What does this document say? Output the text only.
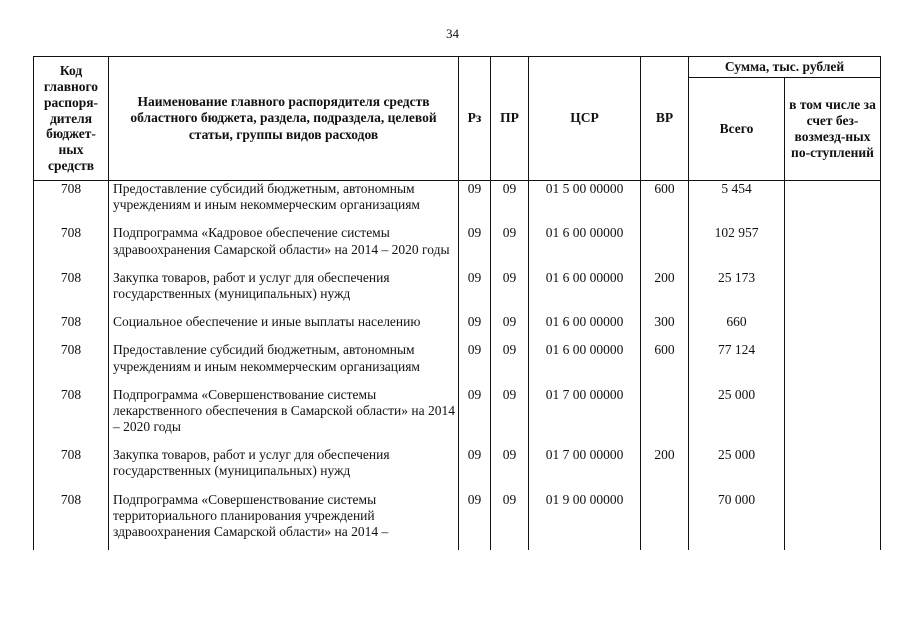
34
Код главного распоря-дителя бюджет-ных средств	Наименование главного распорядителя средств областного бюджета, раздела, подраздела, целевой статьи, группы видов расходов	Рз	ПР	ЦСР	ВР	Сумма, тыс. рублей	
						Всего	в том числе за счет без-возмезд-ных по-ступлений
708	Предоставление субсидий бюджетным, автономным учреждениям и иным некоммерческим организациям	09	09	01 5 00 00000	600	5 454	
708	Подпрограмма «Кадровое обеспечение системы здравоохранения Самарской области» на 2014 – 2020 годы	09	09	01 6 00 00000		102 957	
708	Закупка товаров, работ и услуг для обеспечения государственных (муниципальных) нужд	09	09	01 6 00 00000	200	25 173	
708	Социальное обеспечение и иные выплаты населению	09	09	01 6 00 00000	300	660	
708	Предоставление субсидий бюджетным, автономным учреждениям и иным некоммерческим организациям	09	09	01 6 00 00000	600	77 124	
708	Подпрограмма «Совершенствование системы лекарственного обеспечения в Самарской области» на 2014 – 2020 годы	09	09	01 7 00 00000		25 000	
708	Закупка товаров, работ и услуг для обеспечения государственных (муниципальных) нужд	09	09	01 7 00 00000	200	25 000	
708	Подпрограмма «Совершенствование системы территориального планирования учреждений здравоохранения Самарской области» на 2014 –	09	09	01 9 00 00000		70 000	
